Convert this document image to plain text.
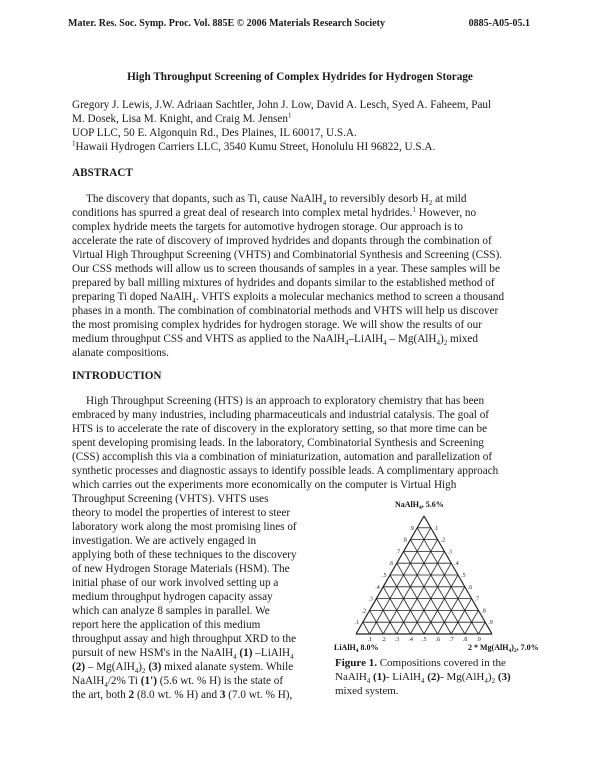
Mater. Res. Soc. Symp. Proc. Vol. 885E © 2006 Materials Research Society	0885-A05-05.1
High Throughput Screening of Complex Hydrides for Hydrogen Storage
Gregory J. Lewis, J.W. Adriaan Sachtler, John J. Low, David A. Lesch, Syed A. Faheem, Paul
M. Dosek, Lisa M. Knight, and Craig M. Jensen$^1$
UOP LLC, 50 E. Algonquin Rd., Des Plaines, IL 60017, U.S.A.
$^1$Hawaii Hydrogen Carriers LLC, 3540 Kumu Street, Honolulu HI 96822, U.S.A.
ABSTRACT
The discovery that dopants, such as Ti, cause NaAlH$_4$ to reversibly desorb $H_2$ at mild
conditions has spurred a great deal of research into complex metal hydrides.$^1$ However, no
complex hydride meets the targets for automotive hydrogen storage. Our approach is to
accelerate the rate of discovery of improved hydrides and dopants through the combination of
Virtual High Throughput Screening (VHTS) and Combinatorial Synthesis and Screening (CSS).
Our CSS methods will allow us to screen thousands of samples in a year. These samples will be
prepared by ball milling mixtures of hydrides and dopants similar to the established method of
preparing Ti doped NaAlH$_4$. VHTS exploits a molecular mechanics method to screen a thousand
phases in a month. The combination of combinatorial methods and VHTS will help us discover
the most promising complex hydrides for hydrogen storage. We will show the results of our
medium throughput CSS and VHTS as applied to the NaAlH$_4$–LiAlH$_4$ – $Mg(AlH_4)_2$ mixed
alanate compositions.
INTRODUCTION
High Throughput Screening (HTS) is an approach to exploratory chemistry that has been
embraced by many industries, including pharmaceuticals and industrial catalysis. The goal of
HTS is to accelerate the rate of discovery in the exploratory setting, so that more time can be
spent developing promising leads. In the laboratory, Combinatorial Synthesis and Screening
(CSS) accomplish this via a combination of miniaturization, automation and parallelization of
synthetic processes and diagnostic assays to identify possible leads. A complimentary approach
which carries out the experiments more economically on the computer is Virtual High
Throughput Screening (VHTS). VHTS uses
theory to model the properties of interest to steer
laboratory work along the most promising lines of
investigation. We are actively engaged in
applying both of these techniques to the discovery
of new Hydrogen Storage Materials (HSM). The
initial phase of our work involved setting up a
medium throughput hydrogen capacity assay
which can analyze 8 samples in parallel. We
report here the application of this medium
throughput assay and high throughput XRD to the
pursuit of new HSM's in the NaAlH$_4$ (1) –LiAlH$_4$
$(2) - Mg(AlH_4)_2$ (3) mixed alanate system. While
NaAlH$_4$/2% Ti (1') (5.6 wt. % H) is the state of
the art, both 2 (8.0 wt. % H) and 3 (7.0 wt. % H),
.9
.8
.7
.6
.5
.4
.3
.2
.1
.1
.2
.3
.4
.5
.6
.7
.8
.9
.9
.8
.7
.6
.5
.4
.3
.2
.1
NaAlH$_4$, 5.6%
LiAlH$_4$ 8.0%	$2 * Mg(AlH_4)_2$, 7.0%
Figure 1. Compositions covered in the
NaAlH$_4$ (1)- LiAlH$_4$ (2)- $Mg(AlH_4)_2$ (3)
mixed system.
